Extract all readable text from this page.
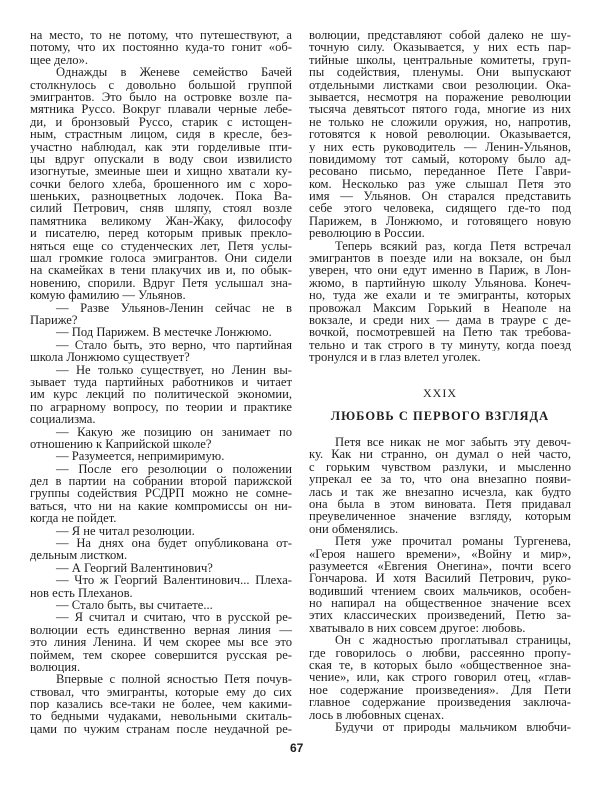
на место, то не потому, что путешествуют, а
потому, что их постоянно куда-то гонит «об-
щее дело».
Однажды в Женеве семейство Бачей
столкнулось с довольно большой группой
эмигрантов. Это было на островке возле па-
мятника Руссо. Вокруг плавали черные лебе-
ди, и бронзовый Руссо, старик с истощен-
ным, страстным лицом, сидя в кресле, без-
участно наблюдал, как эти горделивые пти-
цы вдруг опускали в воду свои извилисто
изогнутые, змеиные шеи и хищно хватали ку-
сочки белого хлеба, брошенного им с хоро-
шеньких, разноцветных лодочек. Пока Ва-
силий Петрович, сняв шляпу, стоял возле
памятника великому Жан-Жаку, философу
и писателю, перед которым привык прекло-
няться еще со студенческих лет, Петя услы-
шал громкие голоса эмигрантов. Они сидели
на скамейках в тени плакучих ив и, по обык-
новению, спорили. Вдруг Петя услышал зна-
комую фамилию — Ульянов.
— Разве Ульянов-Ленин сейчас не в
Париже?
— Под Парижем. В местечке Лонжюмо.
— Стало быть, это верно, что партийная
школа Лонжюмо существует?
— Не только существует, но Ленин вы-
зывает туда партийных работников и читает
им курс лекций по политической экономии,
по аграрному вопросу, по теории и практике
социализма.
— Какую же позицию он занимает по
отношению к Каприйской школе?
— Разумеется, непримиримую.
— После его резолюции о положении
дел в партии на собрании второй парижской
группы содействия РСДРП можно не сомне-
ваться, что ни на какие компромиссы он ни-
когда не пойдет.
— Я не читал резолюции.
— На днях она будет опубликована от-
дельным листком.
— А Георгий Валентинович?
— Что ж Георгий Валентинович... Плеха-
нов есть Плеханов.
— Стало быть, вы считаете...
— Я считал и считаю, что в русской ре-
волюции есть единственно верная линия —
это линия Ленина. И чем скорее мы все это
поймем, тем скорее совершится русская ре-
волюция.
Впервые с полной ясностью Петя почув-
ствовал, что эмигранты, которые ему до сих
пор казались все-таки не более, чем какими-
то бедными чудаками, невольными скиталь-
цами по чужим странам после неудачной ре-
волюции, представляют собой далеко не шу-
точную силу. Оказывается, у них есть пар-
тийные школы, центральные комитеты, груп-
пы содействия, пленумы. Они выпускают
отдельными листками свои резолюции. Ока-
зывается, несмотря на поражение революции
тысяча девятьсот пятого года, многие из них
не только не сложили оружия, но, напротив,
готовятся к новой революции. Оказывается,
у них есть руководитель — Ленин-Ульянов,
повидимому тот самый, которому было ад-
ресовано письмо, переданное Пете Гаври-
ком. Несколько раз уже слышал Петя это
имя — Ульянов. Он старался представить
себе этого человека, сидящего где-то под
Парижем, в Лонжюмо, и готовящего новую
революцию в России.
Теперь всякий раз, когда Петя встречал
эмигрантов в поезде или на вокзале, он был
уверен, что они едут именно в Париж, в Лон-
жюмо, в партийную школу Ульянова. Конеч-
но, туда же ехали и те эмигранты, которых
провожал Максим Горький в Неаполе на
вокзале, и среди них — дама в трауре с де-
вочкой, посмотревшей на Петю так требова-
тельно и так строго в ту минуту, когда поезд
тронулся и в глаз влетел уголек.
XXIX
ЛЮБОВЬ С ПЕРВОГО ВЗГЛЯДА
Петя все никак не мог забыть эту девоч-
ку. Как ни странно, он думал о ней часто,
с горьким чувством разлуки, и мысленно
упрекал ее за то, что она внезапно появи-
лась и так же внезапно исчезла, как будто
она была в этом виновата. Петя придавал
преувеличенное значение взгляду, которым
они обменялись.
Петя уже прочитал романы Тургенева,
«Героя нашего времени», «Войну и мир»,
разумеется «Евгения Онегина», почти всего
Гончарова. И хотя Василий Петрович, руко-
водивший чтением своих мальчиков, особен-
но напирал на общественное значение всех
этих классических произведений, Петю за-
хватывало в них совсем другое: любовь.
Он с жадностью проглатывал страницы,
где говорилось о любви, рассеянно пропу-
ская те, в которых было «общественное зна-
чение», или, как строго говорил отец, «глав-
ное содержание произведения». Для Пети
главное содержание произведения заключа-
лось в любовных сценах.
Будучи от природы мальчиком влюбчи-
67
